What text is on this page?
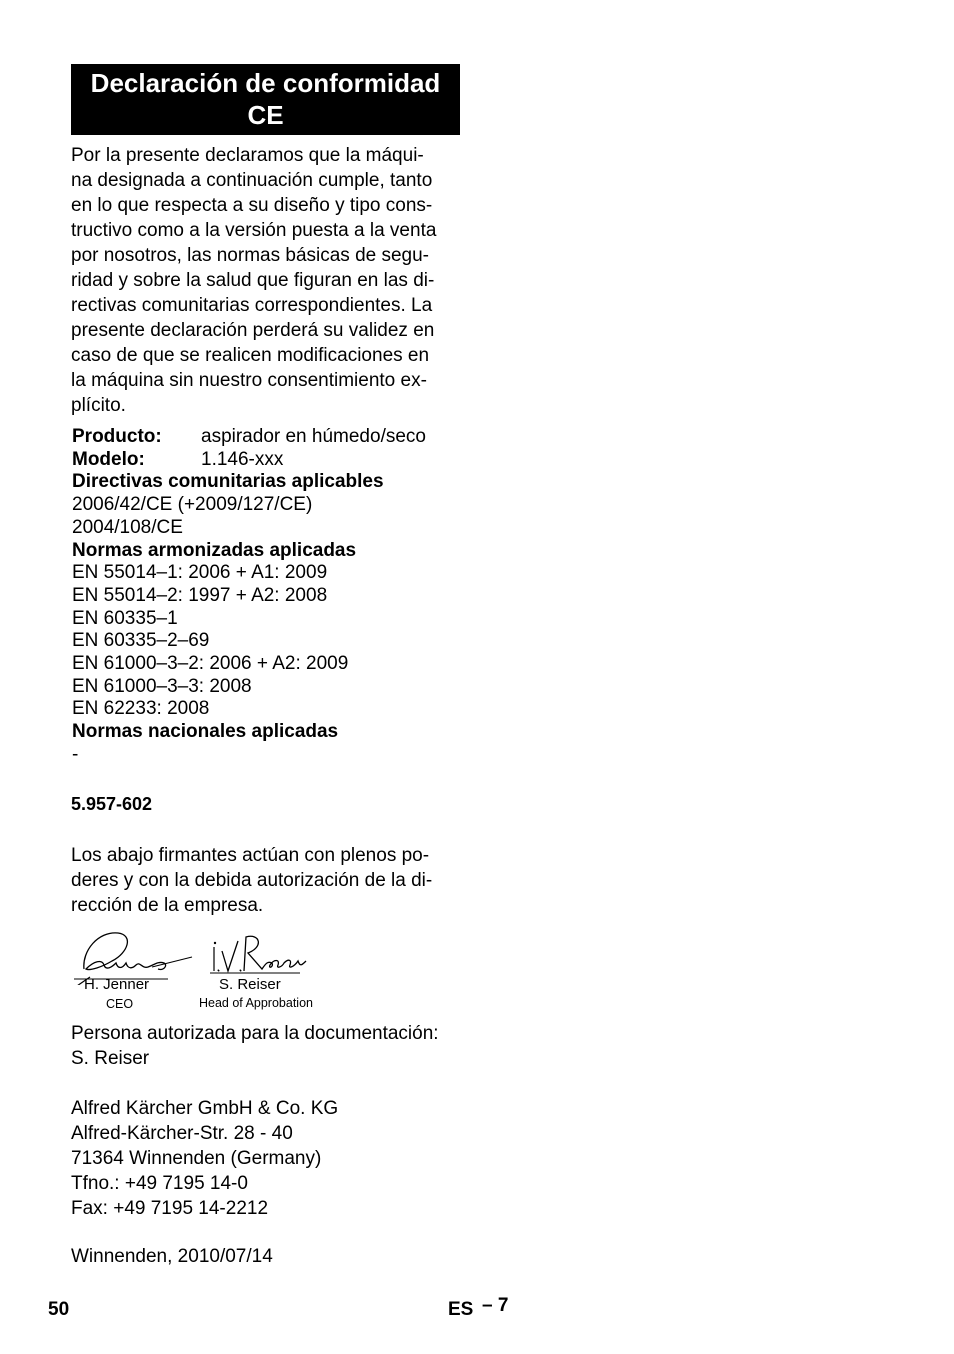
Declaración de conformidad
CE
Por la presente declaramos que la máqui-
na designada a continuación cumple, tanto
en lo que respecta a su diseño y tipo cons-
tructivo como a la versión puesta a la venta
por nosotros, las normas básicas de segu-
ridad y sobre la salud que figuran en las di-
rectivas comunitarias correspondientes. La
presente declaración perderá su validez en
caso de que se realicen modificaciones en
la máquina sin nuestro consentimiento ex-
plícito.
Producto: aspirador en húmedo/seco
Modelo:	1.146-xxx
Directivas comunitarias aplicables
2006/42/CE (+2009/127/CE)
2004/108/CE
Normas armonizadas aplicadas
EN 55014–1: 2006 + A1: 2009
EN 55014–2: 1997 + A2: 2008
EN 60335–1
EN 60335–2–69
EN 61000–3–2: 2006 + A2: 2009
EN 61000–3–3: 2008
EN 62233: 2008
Normas nacionales aplicadas
-
5.957-602
Los abajo firmantes actúan con plenos po-
deres y con la debida autorización de la di-
rección de la empresa.
H. Jenner
CEO
S. Reiser
Head of Approbation
Persona autorizada para la documentación:
S. Reiser
Alfred Kärcher GmbH & Co. KG
Alfred-Kärcher-Str. 28 - 40
71364 Winnenden (Germany)
Tfno.: +49 7195 14-0
Fax: +49 7195 14-2212
Winnenden, 2010/07/14
50	ES – 7
